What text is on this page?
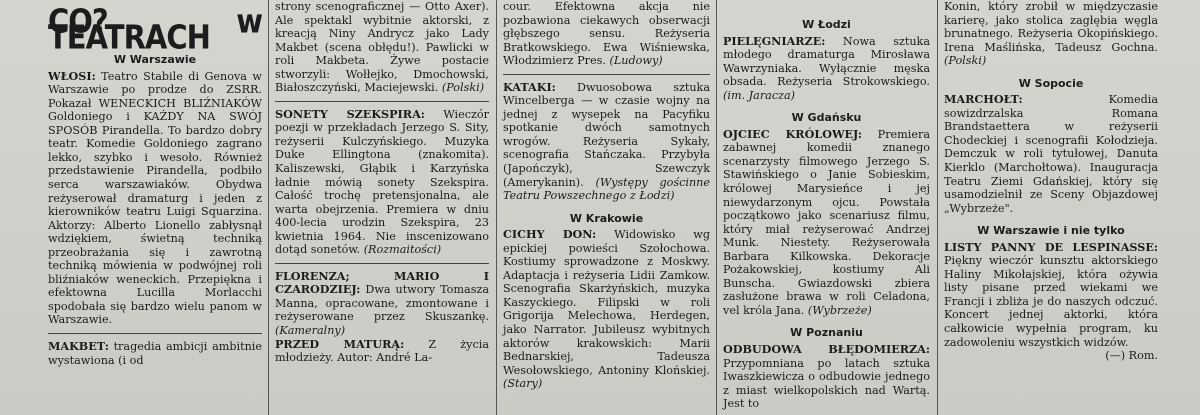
CO? w TEATRACH
W Warszawie

WŁOSI: Teatro Stabile di Genova w Warszawie po prodze do ZSRR. Pokazał WENECKICH BLIŹNIAKÓW Goldoniego i KAŻDY NA SWÓJ SPOSÓB Pirandella. To bardzo dobry teatr. Komedie Goldoniego zagrano lekko, szybko i wesoło. Również przedstawienie Pirandella, podbiło serca warszawiaków. Obydwa reżyserował dramaturg i jeden z kierowników teatru Luigi Squarzina. Aktorzy: Alberto Lionello zabłysnął wdziękiem, świetną techniką przeobrażania się i zawrotną techniką mówienia w podwójnej roli bliźniaków weneckich. Przepiękna i efektowna Lucilla Morlacchi spodobała się bardzo wielu panom w Warszawie.

MAKBET: tragedia ambicji ambitnie wystawiona (i od

strony scenograficznej — Otto Axer). Ale spektakl wybitnie aktorski, z kreacją Niny Andrycz jako Lady Makbet (scena obłędu!). Pawlicki w roli Makbeta. Żywe postacie stworzyli: Wołłejko, Dmochowski, Białoszczyński, Maciejewski. (Polski)

SONETY SZEKSPIRA: Wieczór poezji w przekładach Jerzego S. Sity, reżyserii Kulczyńskiego. Muzyka Duke Ellingtona (znakomita). Kaliszewski, Głąbik i Karzyńska ładnie mówią sonety Szekspira. Całość trochę pretensjonalna, ale warta obejrzenia. Premiera w dniu 400-lecia urodzin Szekspira, 23 kwietnia 1964. Nie inscenizowano dotąd sonetów. (Rozmaitości)

FLORENZA; MARIO I CZARODZIEJ: Dwa utwory Tomasza Manna, opracowane, zmontowane i reżyserowane przez Skuszankę. (Kameralny)

PRZED MATURĄ: Z życia młodzieży. Autor: André La-

cour. Efektowna akcja nie pozbawiona ciekawych obserwacji głębszego sensu. Reżyseria Bratkowskiego. Ewa Wiśniewska, Włodzimierz Pres. (Ludowy)

KATAKI: Dwuosobowa sztuka Wincelberga — w czasie wojny na jednej z wysepek na Pacyfiku spotkanie dwóch samotnych wrogów. Reżyseria Sykały, scenografia Stańczaka. Przybyła (Japończyk), Szewczyk (Amerykanin). (Występy gościnne Teatru Powszechnego z Łodzi)

W Krakowie

CICHY DON: Widowisko wg epickiej powieści Szołochowa. Kostiumy sprowadzone z Moskwy. Adaptacja i reżyseria Lidii Zamkow. Scenografia Skarżyńskich, muzyka Kaszyckiego. Filipski w roli Grigorija Melechowa, Herdegen, jako Narrator. Jubileusz wybitnych aktorów krakowskich: Marii Bednarskiej, Tadeusza Wesołowskiego, Antoniny Klońskiej. (Stary)

W Łodzi

PIELĘGNIARZE: Nowa sztuka młodego dramaturga Mirosława Wawrzyniaka. Wyłącznie męska obsada. Reżyseria Strokowskiego. (im. Jaracza)

W Gdańsku

OJCIEC KRÓLOWEJ: Premiera zabawnej komedii znanego scenarzysty filmowego Jerzego S. Stawińskiego o Janie Sobieskim, królowej Marysieńce i jej niewydarzonym ojcu. Powstała początkowo jako scenariusz filmu, który miał reżyserować Andrzej Munk. Niestety. Reżyserowała Barbara Kilkowska. Dekoracje Pożakowskiej, kostiumy Ali Bunscha. Gwiazdowski zbiera zasłużone brawa w roli Celadona, vel króla Jana. (Wybrzeże)

W Poznaniu

ODBUDOWA BŁĘDOMIERZA: Przypomniana po latach sztuka Iwaszkiewicza o odbudowie jednego z miast wielkopolskich nad Wartą. Jest to

Konin, który zrobił w międzyczasie karierę, jako stolica zagłębia węgla brunatnego. Reżyseria Okopińskiego. Irena Maślińska, Tadeusz Gochna. (Polski)

W Sopocie

MARCHOŁT:	Komedia sowizdrzalska Romana Brandstaettera w reżyserii Chodeckiej i scenografii Kołodzieja. Demczuk w roli tytułowej, Danuta Kierklo (Marchołtowa). Inauguracja Teatru Ziemi Gdańskiej, który się usamodzielnił ze Sceny Objazdowej „Wybrzeże".

W Warszawie i nie tylko

LISTY PANNY DE LESPINASSE: Piękny wieczór kunsztu aktorskiego Haliny Mikołajskiej, która ożywia listy pisane przed wiekami we Francji i zbliża je do naszych odczuć. Koncert jednej aktorki, która całkowicie wypełnia program, ku zadowoleniu wszystkich widzów.

(—) Rom.
